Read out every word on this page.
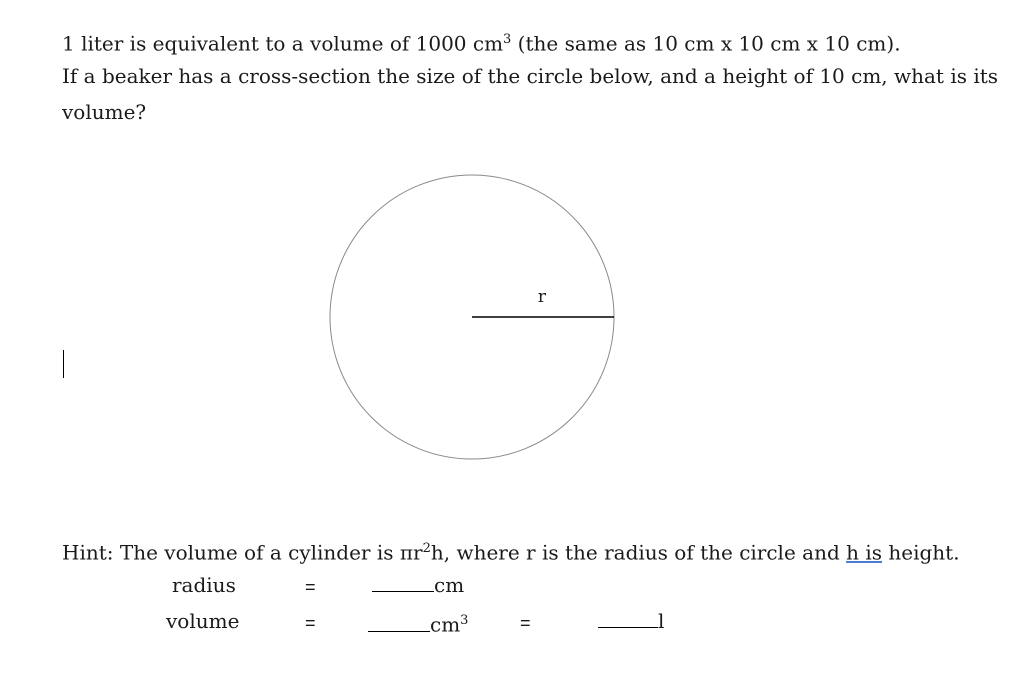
1 liter is equivalent to a volume of 1000 $cm^3$ (the same as 10 cm x 10 cm x 10 cm).
If a beaker has a cross-section the size of the circle below, and a height of 10 cm, what is its
volume?
r
Hint: The volume of a cylinder is $\pi r^2h$, where r is the radius of the circle and h is height.
radius	=	cm
volume	=	$cm^3$	=	l
